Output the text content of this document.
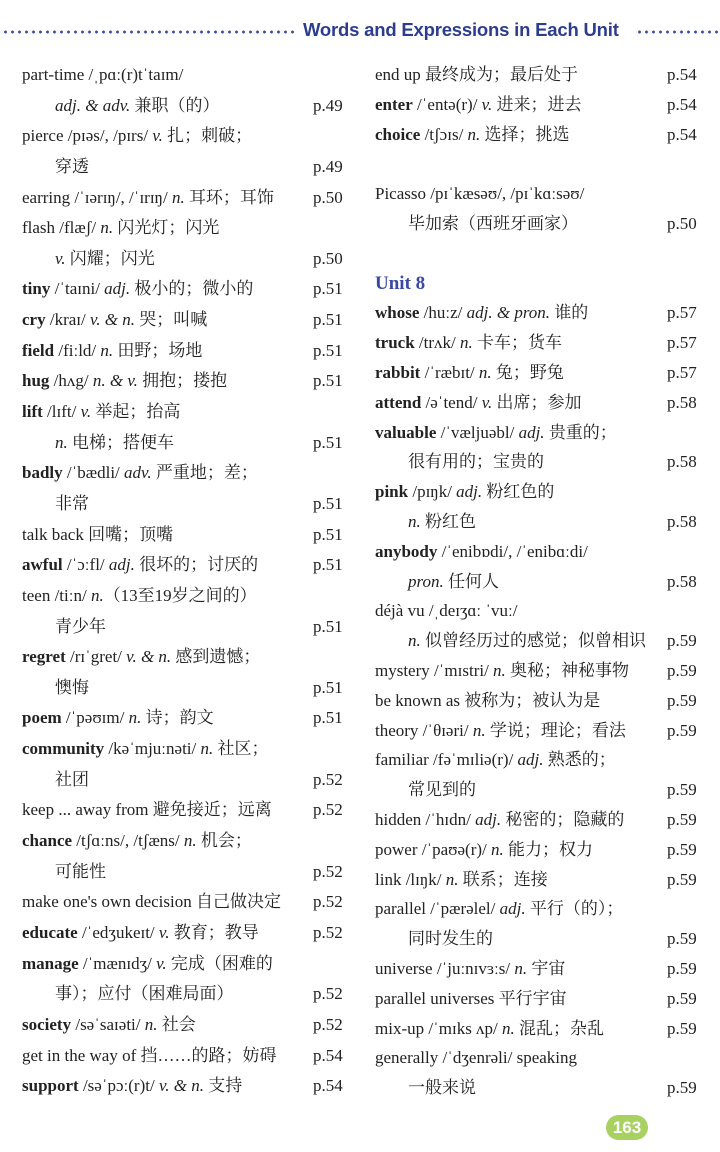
Words and Expressions in Each Unit
part-time /ˌpɑː(r)tˈtaɪm/
adj. & adv. 兼职（的）	p.49
pierce /pɪəs/, /pɪrs/ v. 扎；刺破；
穿透	p.49
earring /ˈɪərɪŋ/, /ˈɪrɪŋ/ n. 耳环；耳饰 p.50
flash /flæʃ/ n. 闪光灯；闪光
v. 闪耀；闪光	p.50
tiny /ˈtaɪni/ adj. 极小的；微小的	p.51
cry /kraɪ/ v. & n. 哭；叫喊	p.51
field /fiːld/ n. 田野；场地	p.51
hug /hʌg/ n. & v. 拥抱；搂抱	p.51
lift /lɪft/ v. 举起；抬高
n. 电梯；搭便车	p.51
badly /ˈbædli/ adv. 严重地；差；
非常	p.51
talk back 回嘴；顶嘴	p.51
awful /ˈɔːfl/ adj. 很坏的；讨厌的	p.51
teen /tiːn/ n.（13至19岁之间的）
青少年	p.51
regret /rɪˈgret/ v. & n. 感到遗憾；
懊悔	p.51
poem /ˈpəʊɪm/ n. 诗；韵文	p.51
community /kəˈmjuːnəti/ n. 社区；
社团	p.52
keep ... away from 避免接近；远离 p.52
chance /tʃɑːns/, /tʃæns/ n. 机会；
可能性	p.52
make one's own decision 自己做决定 p.52
educate /ˈedʒukeɪt/ v. 教育；教导	p.52
manage /ˈmænɪdʒ/ v. 完成（困难的
事）；应付（困难局面）	p.52
society /səˈsaɪəti/ n. 社会	p.52
get in the way of 挡……的路；妨碍 p.54
support /səˈpɔː(r)t/ v. & n. 支持	p.54
end up 最终成为；最后处于	p.54
enter /ˈentə(r)/ v. 进来；进去	p.54
choice /tʃɔɪs/ n. 选择；挑选	p.54
Picasso /pɪˈkæsəʊ/, /pɪˈkɑːsəʊ/
毕加索（西班牙画家）	p.50
Unit 8
whose /huːz/ adj. & pron. 谁的	p.57
truck /trʌk/ n. 卡车；货车	p.57
rabbit /ˈræbɪt/ n. 兔；野兔	p.57
attend /əˈtend/ v. 出席；参加	p.58
valuable /ˈvæljuəbl/ adj. 贵重的；
很有用的；宝贵的	p.58
pink /pɪŋk/ adj. 粉红色的
n. 粉红色	p.58
anybody /ˈenibɒdi/, /ˈenibɑːdi/
pron. 任何人	p.58
déjà vu /ˌdeɪʒɑː ˈvuː/
n. 似曾经历过的感觉；似曾相识 p.59
mystery /ˈmɪstri/ n. 奥秘；神秘事物 p.59
be known as 被称为；被认为是	p.59
theory /ˈθɪəri/ n. 学说；理论；看法 p.59
familiar /fəˈmɪliə(r)/ adj. 熟悉的；
常见到的	p.59
hidden /ˈhɪdn/ adj. 秘密的；隐藏的	p.59
power /ˈpaʊə(r)/ n. 能力；权力	p.59
link /lɪŋk/ n. 联系；连接	p.59
parallel /ˈpærəlel/ adj. 平行（的）；
同时发生的	p.59
universe /ˈjuːnɪvɜːs/ n. 宇宙	p.59
parallel universes 平行宇宙	p.59
mix-up /ˈmɪks ʌp/ n. 混乱；杂乱	p.59
generally /ˈdʒenrəli/ speaking
一般来说	p.59
163
